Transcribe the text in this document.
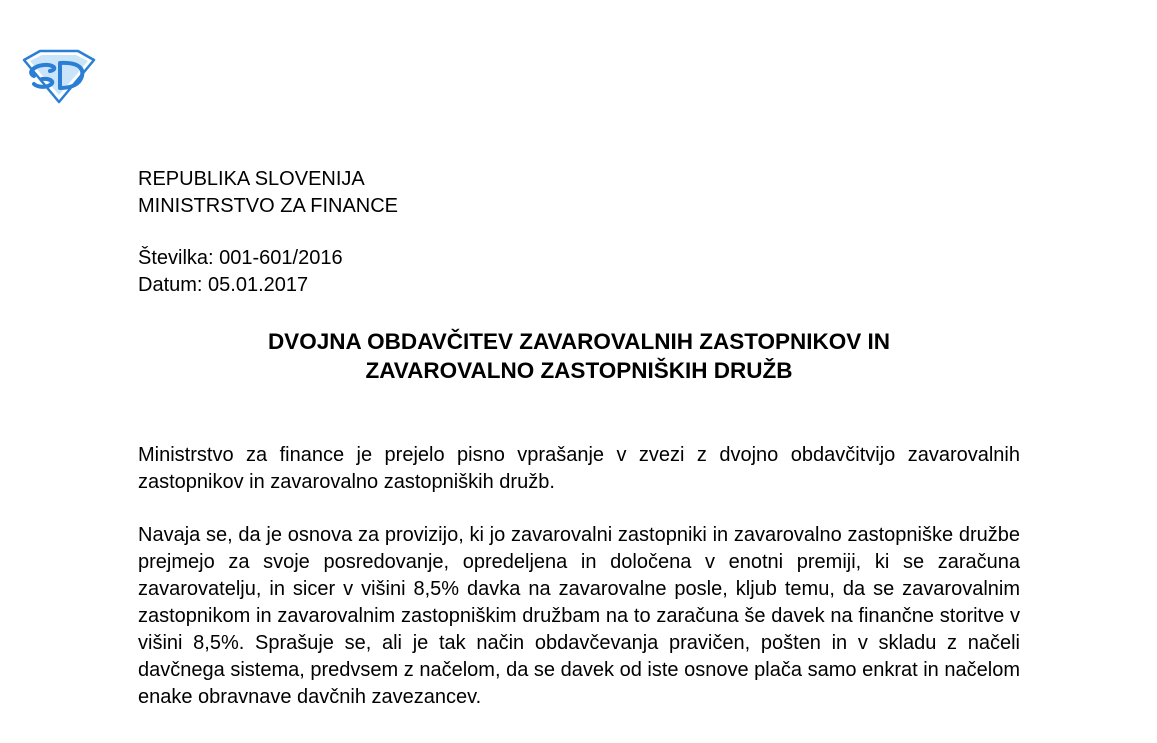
REPUBLIKA SLOVENIJA
MINISTRSTVO ZA FINANCE
Številka: 001-601/2016
Datum: 05.01.2017
DVOJNA OBDAVČITEV ZAVAROVALNIH ZASTOPNIKOV IN
ZAVAROVALNO ZASTOPNIŠKIH DRUŽB

Ministrstvo za finance je prejelo pisno vprašanje v zvezi z dvojno obdavčitvijo zavarovalnih zastopnikov in zavarovalno zastopniških družb.

Navaja se, da je osnova za provizijo, ki jo zavarovalni zastopniki in zavarovalno zastopniške družbe prejmejo za svoje posredovanje, opredeljena in določena v enotni premiji, ki se zaračuna zavarovatelju, in sicer v višini 8,5% davka na zavarovalne posle, kljub temu, da se zavarovalnim zastopnikom in zavarovalnim zastopniškim družbam na to zaračuna še davek na finančne storitve v višini 8,5%. Sprašuje se, ali je tak način obdavčevanja pravičen, pošten in v skladu z načeli davčnega sistema, predvsem z načelom, da se davek od iste osnove plača samo enkrat in načelom enake obravnave davčnih zavezancev.
